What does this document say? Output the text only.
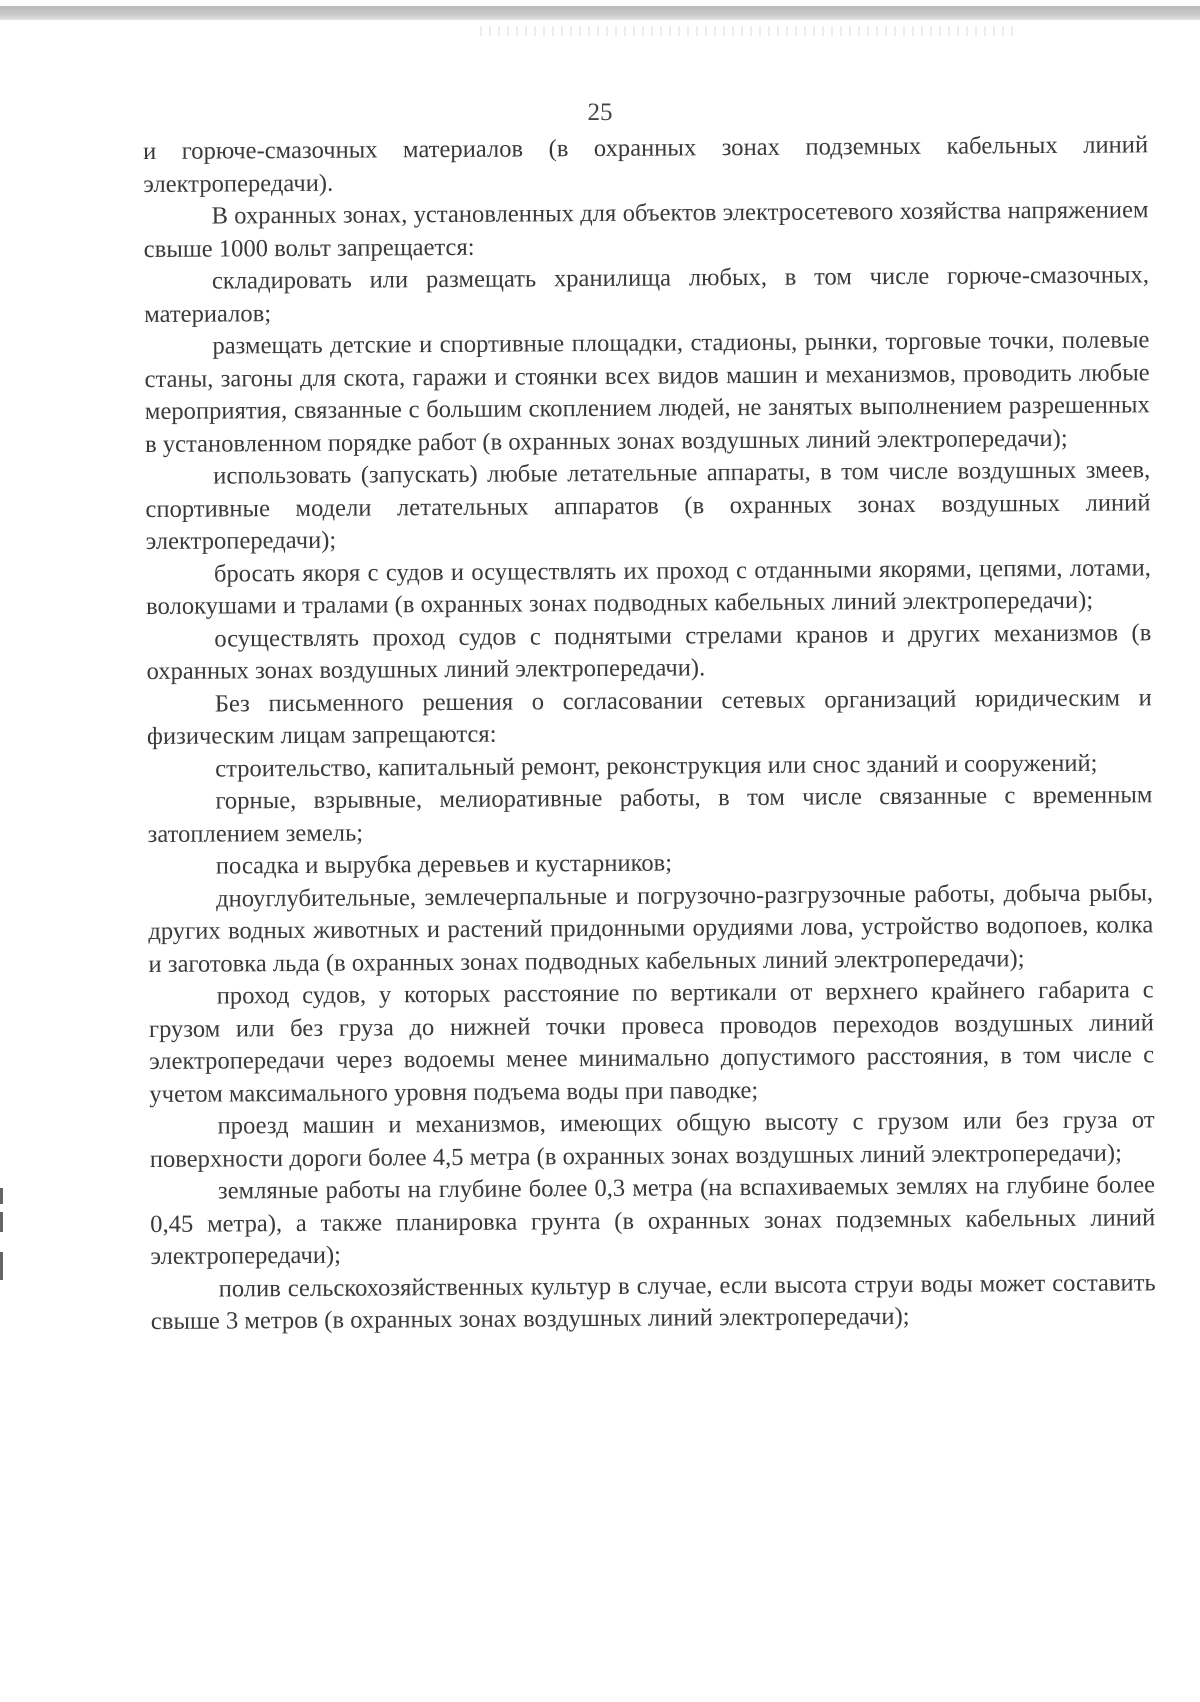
25

и горюче-смазочных материалов (в охранных зонах подземных кабельных линий электропередачи).

В охранных зонах, установленных для объектов электросетевого хозяйства напряжением свыше 1000 вольт запрещается:

складировать или размещать хранилища любых, в том числе горюче-смазочных, материалов;

размещать детские и спортивные площадки, стадионы, рынки, торговые точки, полевые станы, загоны для скота, гаражи и стоянки всех видов машин и механизмов, проводить любые мероприятия, связанные с большим скоплением людей, не занятых выполнением разрешенных в установленном порядке работ (в охранных зонах воздушных линий электропередачи);

использовать (запускать) любые летательные аппараты, в том числе воздушных змеев, спортивные модели летательных аппаратов (в охранных зонах воздушных линий электропередачи);

бросать якоря с судов и осуществлять их проход с отданными якорями, цепями, лотами, волокушами и тралами (в охранных зонах подводных кабельных линий электропередачи);

осуществлять проход судов с поднятыми стрелами кранов и других механизмов (в охранных зонах воздушных линий электропередачи).

Без письменного решения о согласовании сетевых организаций юридическим и физическим лицам запрещаются:

строительство, капитальный ремонт, реконструкция или снос зданий и сооружений;

горные, взрывные, мелиоративные работы, в том числе связанные с временным затоплением земель;

посадка и вырубка деревьев и кустарников;

дноуглубительные, землечерпальные и погрузочно-разгрузочные работы, добыча рыбы, других водных животных и растений придонными орудиями лова, устройство водопоев, колка и заготовка льда (в охранных зонах подводных кабельных линий электропередачи);

проход судов, у которых расстояние по вертикали от верхнего крайнего габарита с грузом или без груза до нижней точки провеса проводов переходов воздушных линий электропередачи через водоемы менее минимально допустимого расстояния, в том числе с учетом максимального уровня подъема воды при паводке;

проезд машин и механизмов, имеющих общую высоту с грузом или без груза от поверхности дороги более 4,5 метра (в охранных зонах воздушных линий электропередачи);

земляные работы на глубине более 0,3 метра (на вспахиваемых землях на глубине более 0,45 метра), а также планировка грунта (в охранных зонах подземных кабельных линий электропередачи);

полив сельскохозяйственных культур в случае, если высота струи воды может составить свыше 3 метров (в охранных зонах воздушных линий электропередачи);
